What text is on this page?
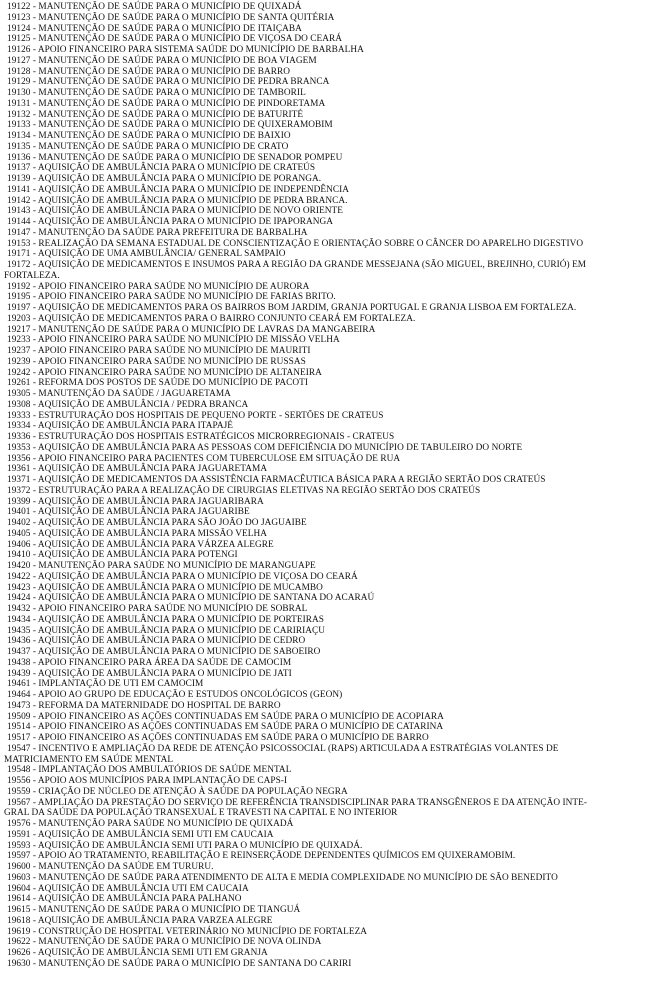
19122 - MANUTENÇÃO DE SAÚDE PARA O MUNICÍPIO DE QUIXADÁ

19123 - MANUTENÇÃO DE SAÚDE PARA O MUNICÍPIO DE SANTA QUITÉRIA

19124 - MANUTENÇÃO DE SAÚDE PARA O MUNICÍPIO DE ITAIÇABA

19125 - MANUTENÇÃO DE SAÚDE PARA O MUNICÍPIO DE VIÇOSA DO CEARÁ

19126 - APOIO FINANCEIRO PARA SISTEMA SAÚDE DO MUNICÍPIO DE BARBALHA

19127 - MANUTENÇÃO DE SAÚDE PARA O MUNICÍPIO DE BOA VIAGEM

19128 - MANUTENÇÃO DE SAÚDE PARA O MUNICÍPIO DE BARRO

19129 - MANUTENÇÃO DE SAÚDE PARA O MUNICÍPIO DE PEDRA BRANCA

19130 - MANUTENÇÃO DE SAÚDE PARA O MUNICÍPIO DE TAMBORIL

19131 - MANUTENÇÃO DE SAÚDE PARA O MUNICÍPIO DE PINDORETAMA

19132 - MANUTENÇÃO DE SAÚDE PARA O MUNICÍPIO DE BATURITÉ

19133 - MANUTENÇÃO DE SAÚDE PARA O MUNICÍPIO DE QUIXERAMOBIM

19134 - MANUTENÇÃO DE SAÚDE PARA O MUNICÍPIO DE BAIXIO

19135 - MANUTENÇÃO DE SAÚDE PARA O MUNICÍPIO DE CRATO

19136 - MANUTENÇÃO DE SAÚDE PARA O MUNICÍPIO DE SENADOR POMPEU

19137 - AQUISIÇÃO DE AMBULÂNCIA PARA O MUNICÍPIO DE CRATEÚS

19139 - AQUISIÇÃO DE AMBULÂNCIA PARA O MUNICÍPIO DE PORANGA.

19141 - AQUISIÇÃO DE AMBULÂNCIA PARA O MUNICÍPIO DE INDEPENDÊNCIA

19142 - AQUISIÇÃO DE AMBULÂNCIA PARA O MUNICÍPIO DE PEDRA BRANCA.

19143 - AQUISIÇÃO DE AMBULÂNCIA PARA O MUNICÍPIO DE NOVO ORIENTE

19144 - AQUISIÇÃO DE AMBULÂNCIA PARA O MUNICÍPIO DE IPAPORANGA

19147 - MANUTENÇÃO DA SAÚDE PARA PREFEITURA DE BARBALHA

19153 - REALIZAÇÃO DA SEMANA ESTADUAL DE CONSCIENTIZAÇÃO E ORIENTAÇÃO SOBRE O CÂNCER DO APARELHO DIGESTIVO

19171 - AQUISIÇÃO DE UMA AMBULÂNCIA/ GENERAL SAMPAIO

19172 - AQUISIÇÃO DE MEDICAMENTOS E INSUMOS PARA A REGIÃO DA GRANDE MESSEJANA (SÃO MIGUEL, BREJINHO, CURIÓ) EM
FORTALEZA.

19192 - APOIO FINANCEIRO PARA SAÚDE NO MUNICÍPIO DE AURORA

19195 - APOIO FINANCEIRO PARA SAÚDE NO MUNICÍPIO DE FARIAS BRITO.

19197 - AQUISIÇÃO DE MEDICAMENTOS PARA OS BAIRROS BOM JARDIM, GRANJA PORTUGAL E GRANJA LISBOA EM FORTALEZA.

19203 - AQUISIÇÃO DE MEDICAMENTOS PARA O BAIRRO CONJUNTO CEARÁ EM FORTALEZA.

19217 - MANUTENÇÃO DE SAÚDE PARA O MUNICÍPIO DE LAVRAS DA MANGABEIRA

19233 - APOIO FINANCEIRO PARA SAÚDE NO MUNICÍPIO DE MISSÃO VELHA

19237 - APOIO FINANCEIRO PARA SAÚDE NO MUNICÍPIO DE MAURITI

19239 - APOIO FINANCEIRO PARA SAÚDE NO MUNICÍPIO DE RUSSAS

19242 - APOIO FINANCEIRO PARA SAÚDE NO MUNICÍPIO DE ALTANEIRA

19261 - REFORMA DOS POSTOS DE SAÚDE DO MUNICÍPIO DE PACOTI

19305 - MANUTENÇÃO DA SAÚDE / JAGUARETAMA

19308 - AQUISIÇÃO DE AMBULÂNCIA / PEDRA BRANCA

19333 - ESTRUTURAÇÃO DOS HOSPITAIS DE PEQUENO PORTE - SERTÕES DE CRATEUS

19334 - AQUISIÇÃO DE AMBULÂNCIA PARA ITAPAJÉ

19336 - ESTRUTURAÇÃO DOS HOSPITAIS ESTRATÉGICOS MICRORREGIONAIS - CRATEUS

19353 - AQUISIÇÃO DE AMBULÂNCIA PARA AS PESSOAS COM DEFICIÊNCIA DO MUNICÍPIO DE TABULEIRO DO NORTE

19356 - APOIO FINANCEIRO PARA PACIENTES COM TUBERCULOSE EM SITUAÇÃO DE RUA

19361 - AQUISIÇÃO DE AMBULÂNCIA PARA JAGUARETAMA

19371 - AQUISIÇÃO DE MEDICAMENTOS DA ASSISTÊNCIA FARMACÊUTICA BÁSICA PARA A REGIÃO SERTÃO DOS CRATEÚS

19372 - ESTRUTURAÇÃO PARA A REALIZAÇÃO DE CIRURGIAS ELETIVAS NA REGIÃO SERTÃO DOS CRATEÚS

19399 - AQUISIÇÃO DE AMBULÂNCIA PARA JAGUARIBARA

19401 - AQUISIÇÃO DE AMBULÂNCIA PARA JAGUARIBE

19402 - AQUISIÇÃO DE AMBULÂNCIA PARA SÃO JOÃO DO JAGUAIBE

19405 - AQUISIÇÃO DE AMBULÂNCIA PARA MISSÃO VELHA

19406 - AQUISIÇÃO DE AMBULÂNCIA PARA VÁRZEA ALEGRE

19410 - AQUISIÇÃO DE AMBULÂNCIA PARA POTENGI

19420 - MANUTENÇÃO PARA SAÚDE NO MUNICÍPIO DE MARANGUAPE

19422 - AQUISIÇÃO DE AMBULÂNCIA PARA O MUNICÍPIO DE VIÇOSA DO CEARÁ

19423 - AQUISIÇÃO DE AMBULÂNCIA PARA O MUNICÍPIO DE MUCAMBO

19424 - AQUISIÇÃO DE AMBULÂNCIA PARA O MUNICÍPIO DE SANTANA DO ACARAÚ

19432 - APOIO FINANCEIRO PARA SAÚDE NO MUNICÍPIO DE SOBRAL

19434 - AQUISIÇÃO DE AMBULÂNCIA PARA O MUNICÍPIO DE PORTEIRAS

19435 - AQUISIÇÃO DE AMBULÂNCIA PARA O MUNICÍPIO DE CARIRIAÇU

19436 - AQUISIÇÃO DE AMBULÂNCIA PARA O MUNICÍPIO DE CEDRO

19437 - AQUISIÇÃO DE AMBULÂNCIA PARA O MUNICÍPIO DE SABOEIRO

19438 - APOIO FINANCEIRO PARA ÁREA DA SAÚDE DE CAMOCIM

19439 - AQUISIÇÃO DE AMBULÂNCIA PARA O MUNICÍPIO DE JATI

19461 - IMPLANTAÇÃO DE UTI EM CAMOCIM

19464 - APOIO AO GRUPO DE EDUCAÇÃO E ESTUDOS ONCOLÓGICOS (GEON)

19473 - REFORMA DA MATERNIDADE DO HOSPITAL DE BARRO

19509 - APOIO FINANCEIRO AS AÇÕES CONTINUADAS EM SAÚDE PARA O MUNICÍPIO DE ACOPIARA

19514 - APOIO FINANCEIRO AS AÇÕES CONTINUADAS EM SAÚDE PARA O MUNICÍPIO DE CATARINA

19517 - APOIO FINANCEIRO AS AÇÕES CONTINUADAS EM SAÚDE PARA O MUNICÍPIO DE BARRO

19547 - INCENTIVO E AMPLIAÇÃO DA REDE DE ATENÇÃO PSICOSSOCIAL (RAPS) ARTICULADA A ESTRATÉGIAS VOLANTES DE
MATRICIAMENTO EM SAÚDE MENTAL

19548 - IMPLANTAÇÃO DOS AMBULATÓRIOS DE SAÚDE MENTAL

19556 - APOIO AOS MUNICÍPIOS PARA IMPLANTAÇÃO DE CAPS-I

19559 - CRIAÇÃO DE NÚCLEO DE ATENÇÃO À SAÚDE DA POPULAÇÃO NEGRA

19567 - AMPLIAÇÃO DA PRESTAÇÃO DO SERVIÇO DE REFERÊNCIA TRANSDISCIPLINAR PARA TRANSGÊNEROS E DA ATENÇÃO INTE-
GRAL DA SAÚDE DA POPULAÇÃO TRANSEXUAL E TRAVESTI NA CAPITAL E NO INTERIOR

19576 - MANUTENÇÃO PARA SAÚDE NO MUNICÍPIO DE QUIXADÁ

19591 - AQUISIÇÃO DE AMBULÂNCIA SEMI UTI EM CAUCAIA

19593 - AQUISIÇÃO DE AMBULÂNCIA SEMI UTI PARA O MUNICÍPIO DE QUIXADÁ.

19597 - APOIO AO TRATAMENTO, REABILITAÇÃO E REINSERÇÃODE DEPENDENTES QUÍMICOS EM QUIXERAMOBIM.

19600 - MANUTENÇÃO DA SAÚDE EM TURURU.

19603 - MANUTENÇÃO DE SAÚDE PARA ATENDIMENTO DE ALTA E MEDIA COMPLEXIDADE NO MUNICÍPIO DE SÃO BENEDITO

19604 - AQUISIÇÃO DE AMBULÂNCIA UTI EM CAUCAIA

19614 - AQUISIÇÃO DE AMBULÂNCIA PARA PALHANO

19615 - MANUTENÇÃO DE SAÚDE PARA O MUNICÍPIO DE TIANGUÁ

19618 - AQUISIÇÃO DE AMBULÂNCIA PARA VARZEA ALEGRE

19619 - CONSTRUÇÃO DE HOSPITAL VETERINÁRIO NO MUNICÍPIO DE FORTALEZA

19622 - MANUTENÇÃO DE SAÚDE PARA O MUNICÍPIO DE NOVA OLINDA

19626 - AQUISIÇÃO DE AMBULÂNCIA SEMI UTI EM GRANJA

19630 - MANUTENÇÃO DE SAÚDE PARA O MUNICÍPIO DE SANTANA DO CARIRI
